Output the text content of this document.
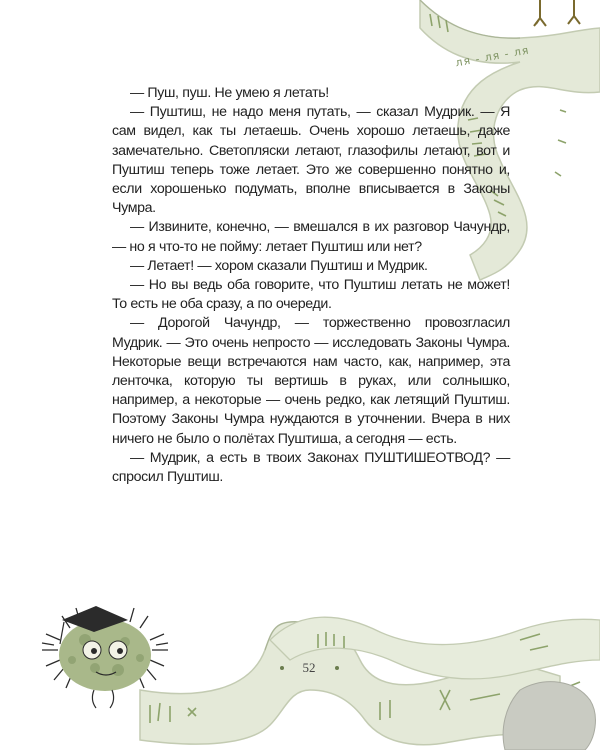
ля - ля - ля

— Пуш, пуш. Не умею я летать!

— Пуштиш, не надо меня путать, — сказал Мудрик. — Я сам видел, как ты летаешь. Очень хорошо летаешь, даже замечательно. Светопляски летают, глазофилы летают, вот и Пуштиш теперь тоже летает. Это же совершенно понятно и, если хорошенько подумать, вполне вписывается в Законы Чумра.

— Извините, конечно, — вмешался в их разговор Чачундр, — но я что-то не пойму: летает Пуштиш или нет?

— Летает! — хором сказали Пуштиш и Мудрик.

— Но вы ведь оба говорите, что Пуштиш летать не может! То есть не оба сразу, а по очереди.

— Дорогой Чачундр, — торжественно провозгласил Мудрик. — Это очень непросто — исследовать Законы Чумра. Некоторые вещи встречаются нам часто, как, например, эта ленточка, которую ты вертишь в руках, или солнышко, например, а некоторые — очень редко, как летящий Пуштиш. Поэтому Законы Чумра нуждаются в уточнении. Вчера в них ничего не было о полётах Пуштиша, а сегодня — есть.

— Мудрик, а есть в твоих Законах ПУШТИШЕОТВОД? — спросил Пуштиш.

52
